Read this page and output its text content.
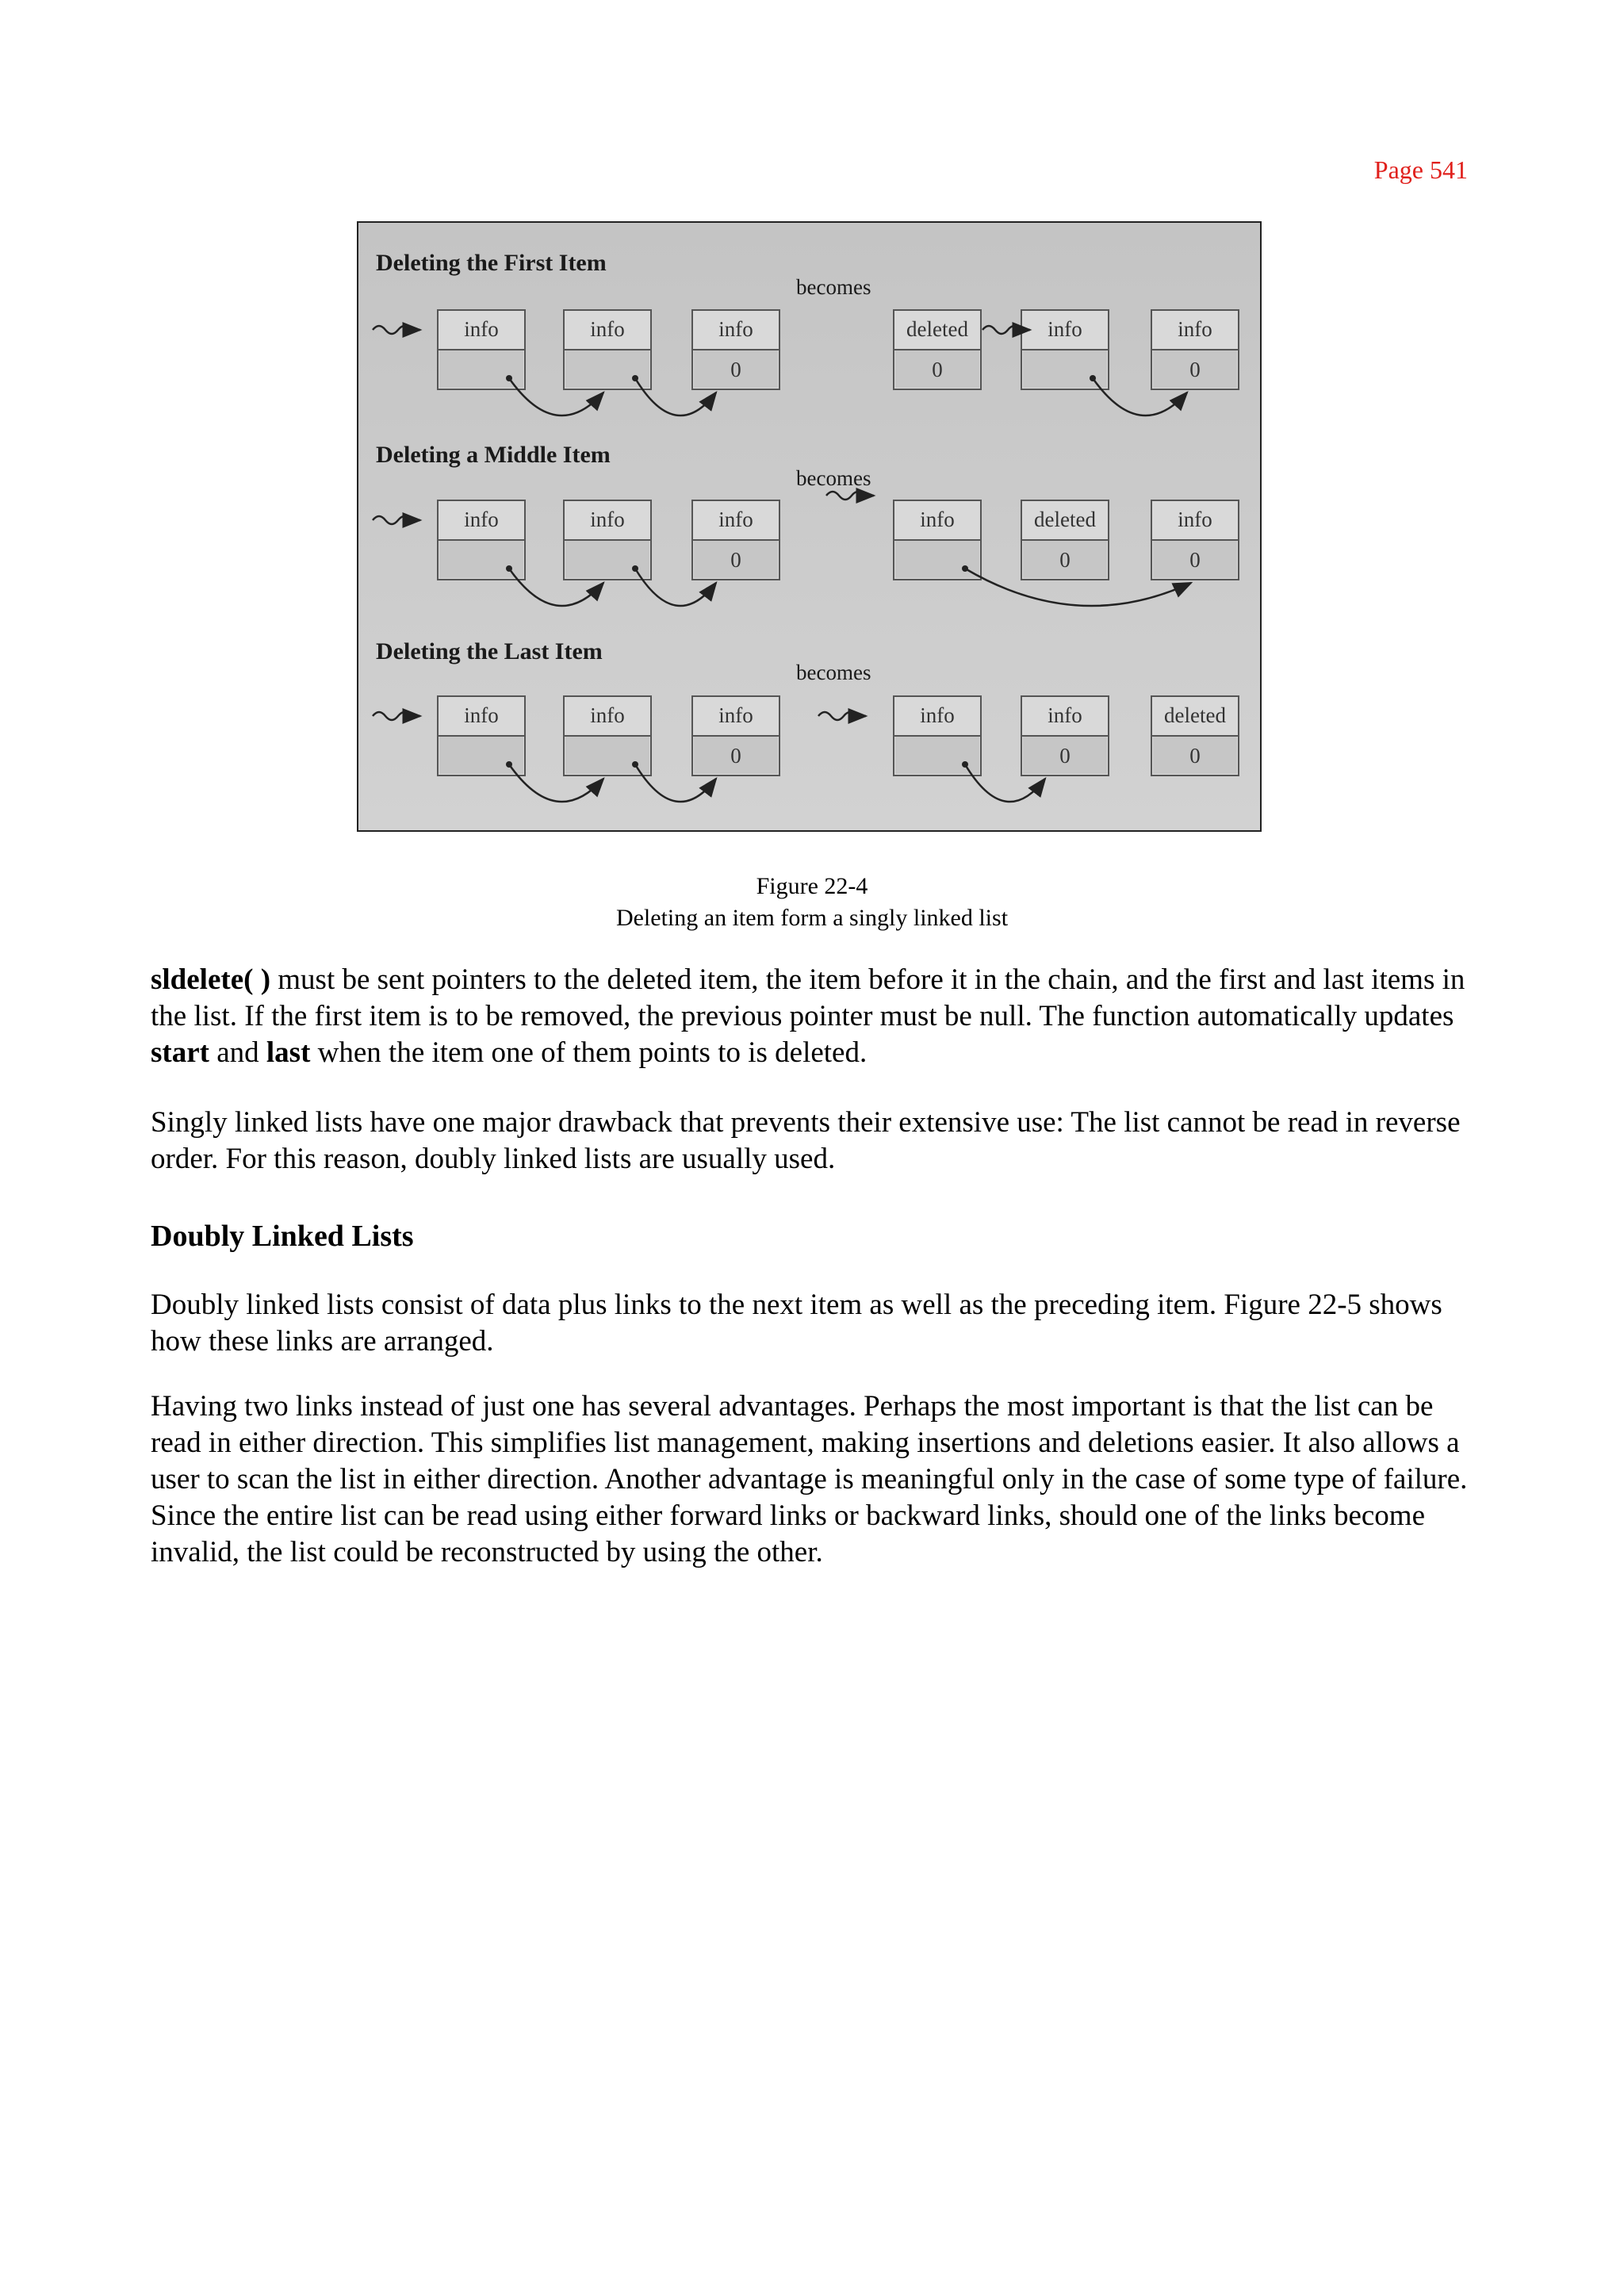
Page 541
Deleting the First Item
becomes
info	info	info
0
deleted
0
info	info
0
Deleting a Middle Item
becomes
info	info	info
0
info	deleted
0
info
0
Deleting the Last Item
becomes
info	info	info
0
info	info
0
deleted
0
Figure 22-4
Deleting an item form a singly linked list

sldelete( ) must be sent pointers to the deleted item, the item before it in the chain, and the first and last items in the list. If the first item is to be removed, the previous pointer must be null. The function automatically updates start and last when the item one of them points to is deleted.

Singly linked lists have one major drawback that prevents their extensive use: The list cannot be read in reverse order. For this reason, doubly linked lists are usually used.

Doubly Linked Lists

Doubly linked lists consist of data plus links to the next item as well as the preceding item. Figure 22-5 shows how these links are arranged.

Having two links instead of just one has several advantages. Perhaps the most important is that the list can be read in either direction. This simplifies list management, making insertions and deletions easier. It also allows a user to scan the list in either direction. Another advantage is meaningful only in the case of some type of failure. Since the entire list can be read using either forward links or backward links, should one of the links become invalid, the list could be reconstructed by using the other.
